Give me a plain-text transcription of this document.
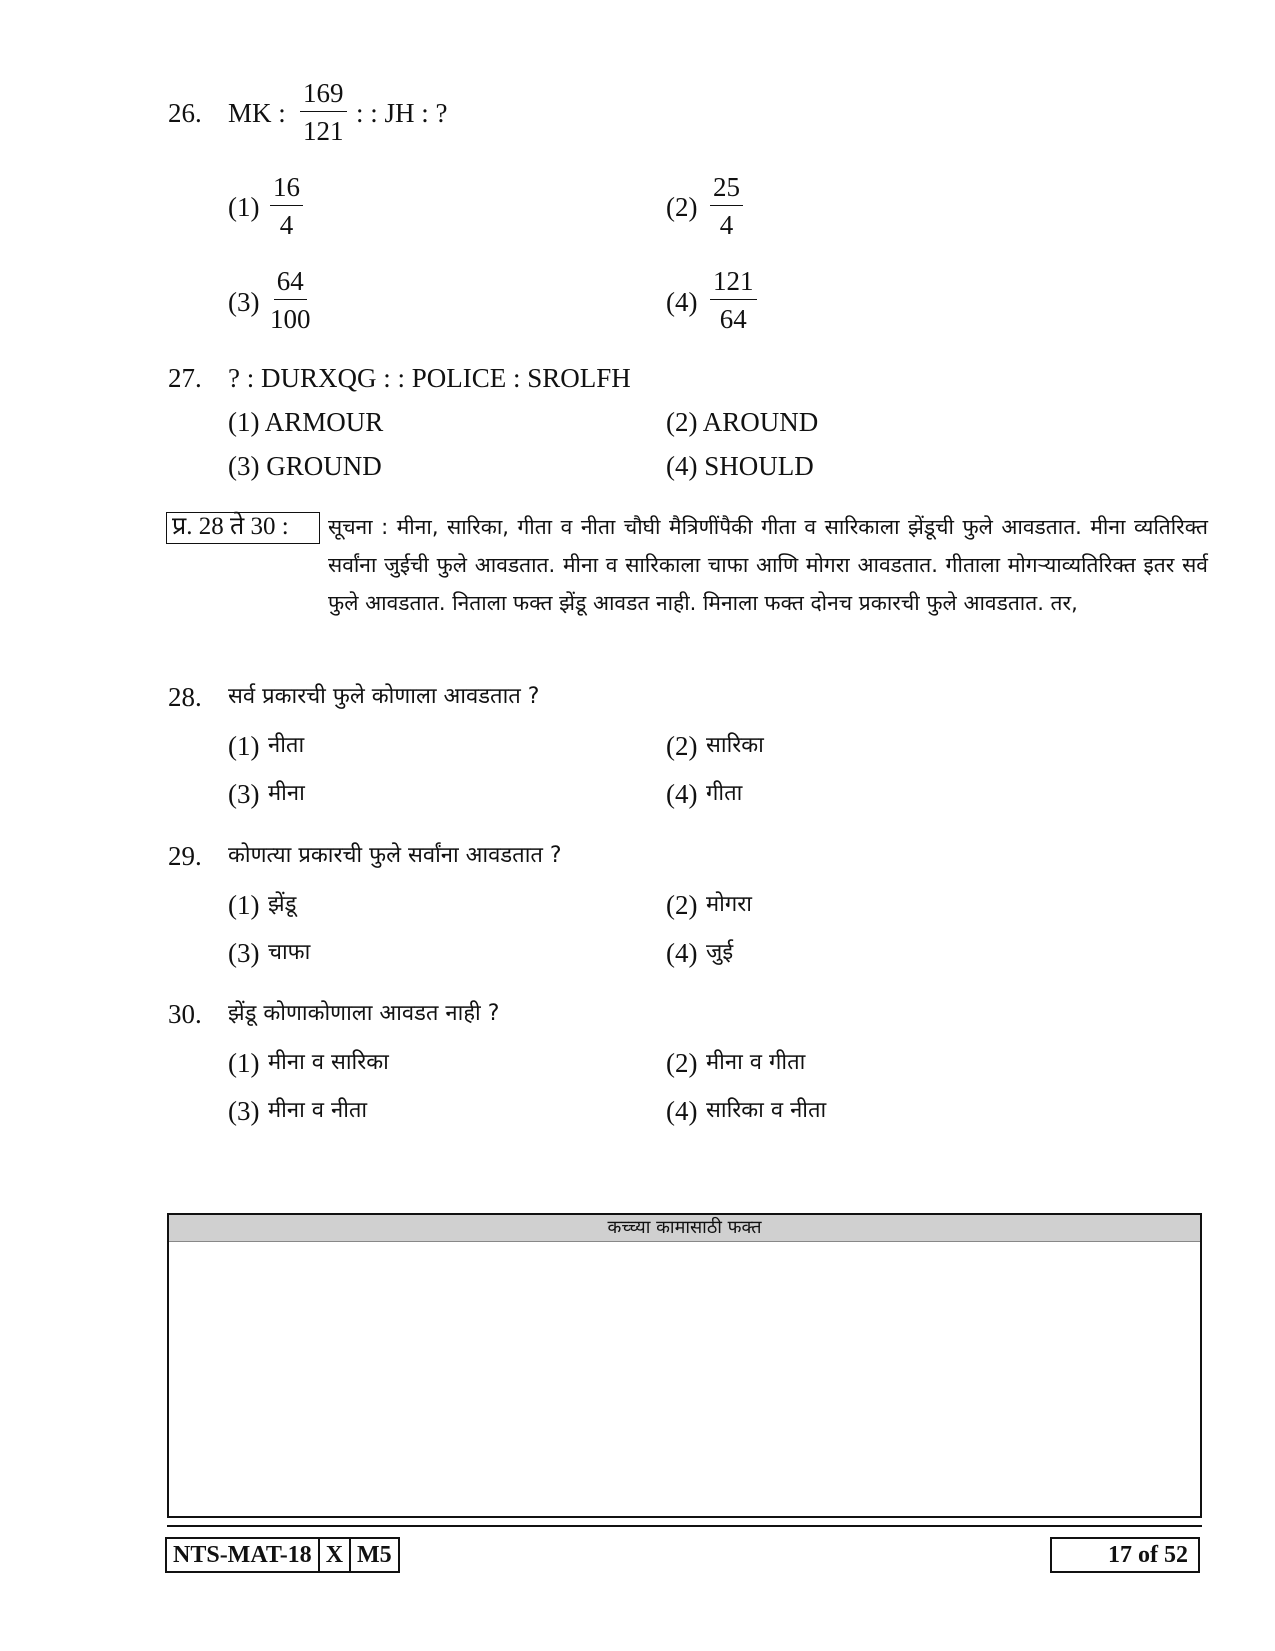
26. MK : $\frac{169}{121}$ : : JH : ?
$(1) \frac{16}{4}$	$(2) \frac{25}{4}$
$(3) \frac{64}{100}$	$(4) \frac{121}{64}$
27. ? : DURXQG : : POLICE : SROLFH
(1) ARMOUR	(2) AROUND
(3) GROUND	(4) SHOULD
प्र. 28 ते 30 :	सूचना : मीना, सारिका, गीता व नीता चौघी मैत्रिणींपैकी गीता व सारिकाला झेंडूची फुले आवडतात. मीना व्यतिरिक्त सर्वांना जुईची फुले आवडतात. मीना व सारिकाला चाफा आणि मोगरा आवडतात. गीताला मोगऱ्याव्यतिरिक्त इतर सर्व फुले आवडतात. निताला फक्त झेंडू आवडत नाही. मिनाला फक्त दोनच प्रकारची फुले आवडतात. तर,
28. सर्व प्रकारची फुले कोणाला आवडतात ?
(1) नीता	(2) सारिका
(3) मीना	(4) गीता
29. कोणत्या प्रकारची फुले सर्वांना आवडतात ?
(1) झेंडू	(2) मोगरा
(3) चाफा	(4) जुई
30. झेंडू कोणाकोणाला आवडत नाही ?
(1) मीना व सारिका	(2) मीना व गीता
(3) मीना व नीता	(4) सारिका व नीता
कच्च्या कामासाठी फक्त
NTS-MAT-18 X M5	17 of 52
